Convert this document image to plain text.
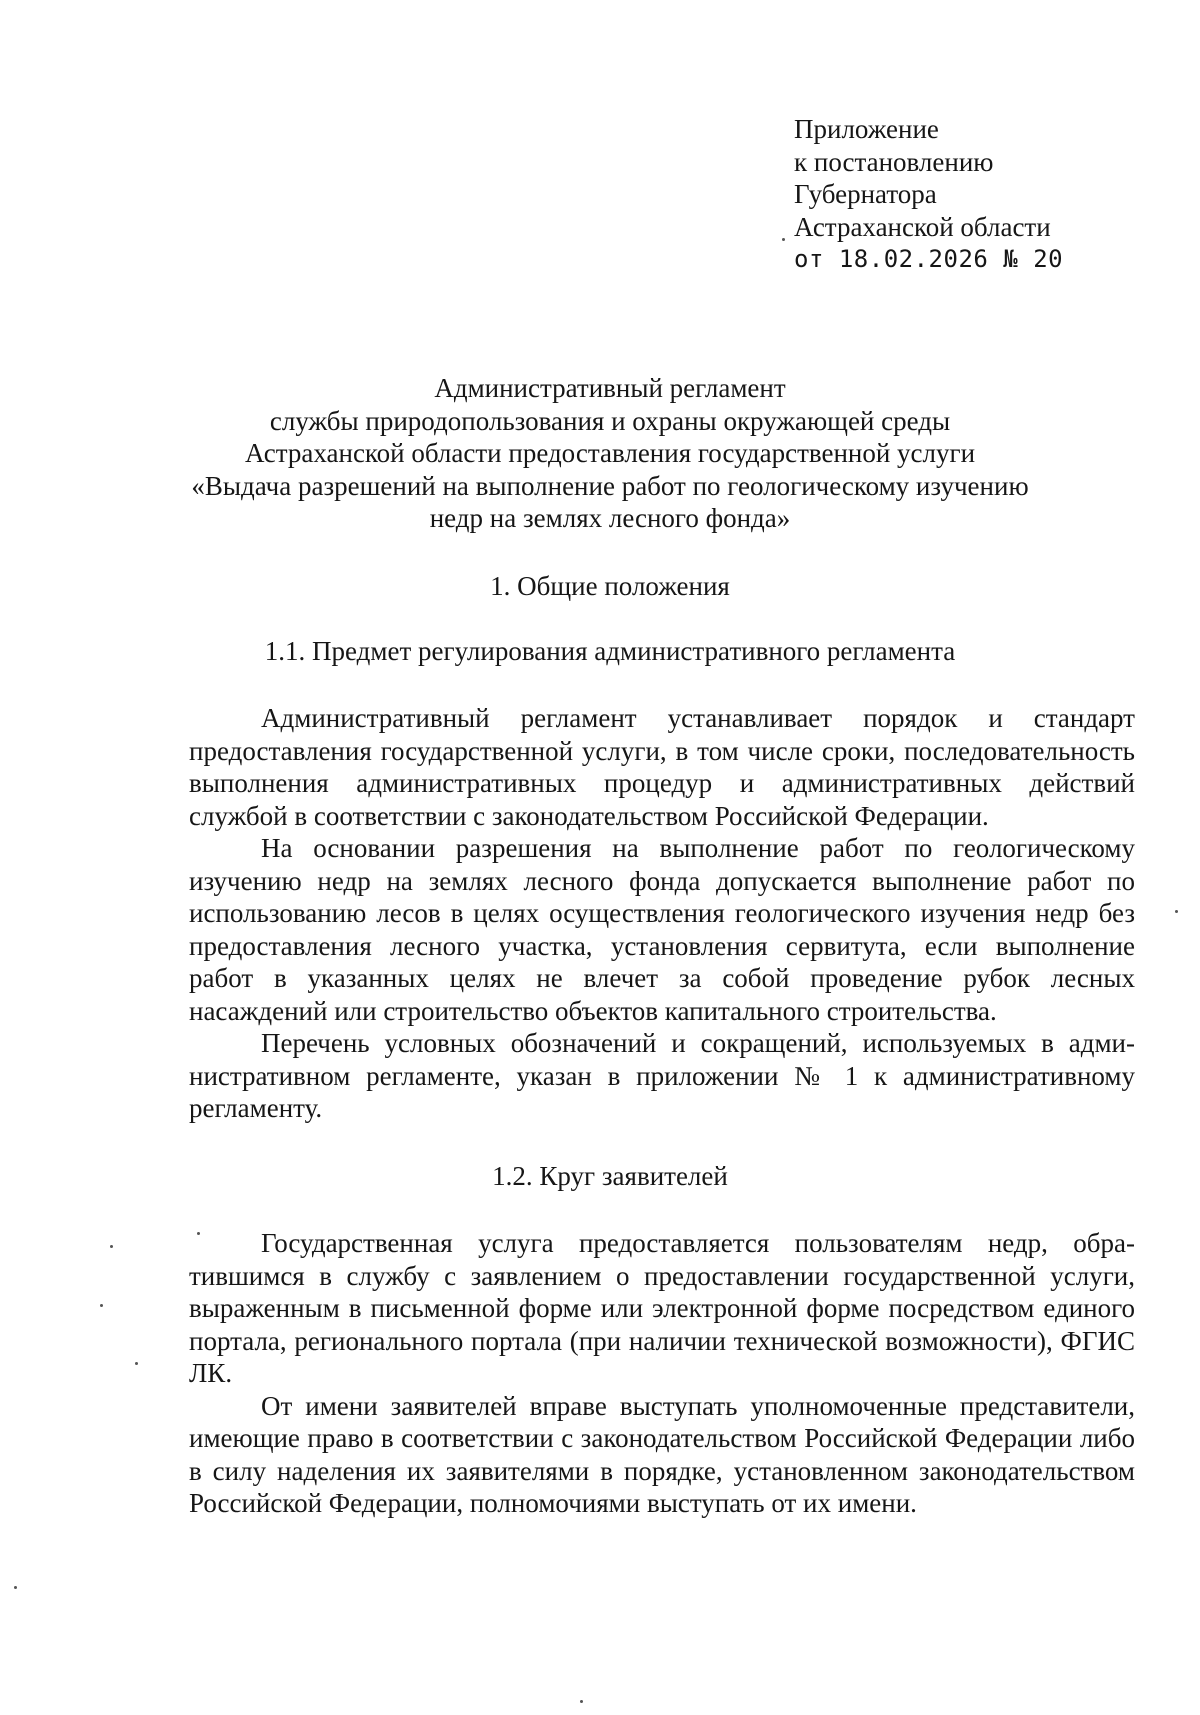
Приложение
к постановлению
Губернатора
Астраханской области
от 18.02.2026 № 20
Административный регламент
службы природопользования и охраны окружающей среды
Астраханской области предоставления государственной услуги
«Выдача разрешений на выполнение работ по геологическому изучению
недр на землях лесного фонда»
1. Общие положения
1.1. Предмет регулирования административного регламента

Административный регламент устанавливает порядок и стандарт предоставления государственной услуги, в том числе сроки, последовательность выполнения административных процедур и административных действий службой в соответствии с законодательством Российской Федерации.

На основании разрешения на выполнение работ по геологическому изучению недр на землях лесного фонда допускается выполнение работ по использованию лесов в целях осуществления геологического изучения недр без предоставления лесного участка, установления сервитута, если выполнение работ в указанных целях не влечет за собой проведение рубок лесных насаждений или строительство объектов капитального строительства.

Перечень условных обозначений и сокращений, используемых в административном регламенте, указан в приложении № 1 к административному регламенту.

1.2. Круг заявителей

Государственная услуга предоставляется пользователям недр, обратившимся в службу с заявлением о предоставлении государственной услуги, выраженным в письменной форме или электронной форме посредством единого портала, регионального портала (при наличии технической возможности), ФГИС ЛК.

От имени заявителей вправе выступать уполномоченные представители, имеющие право в соответствии с законодательством Российской Федерации либо в силу наделения их заявителями в порядке, установленном законодательством Российской Федерации, полномочиями выступать от их имени.
